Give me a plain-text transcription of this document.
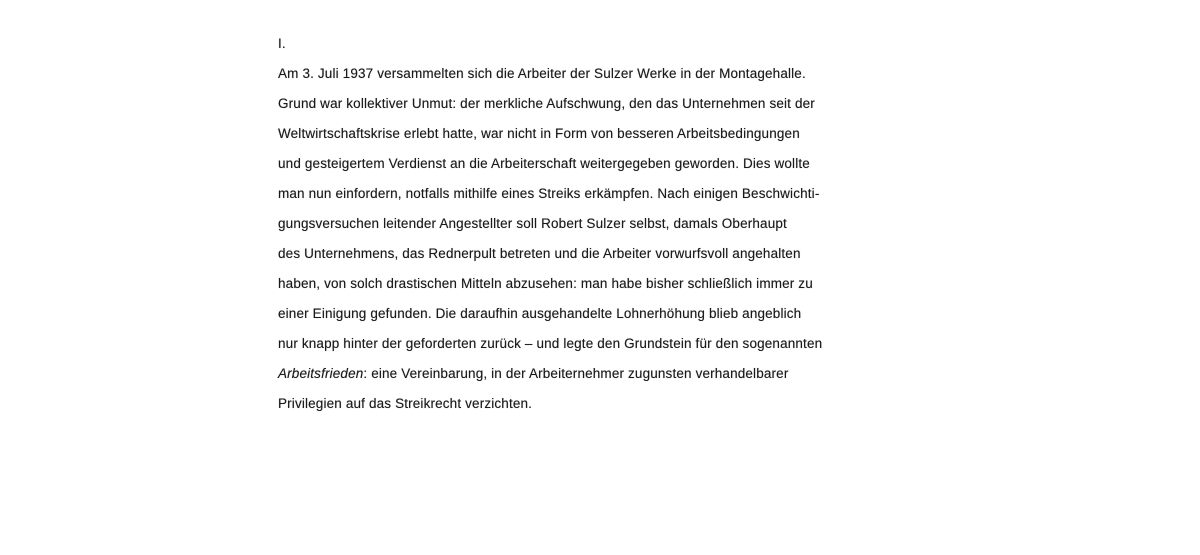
I.
Am 3. Juli 1937 versammelten sich die Arbeiter der Sulzer Werke in der Montagehalle.
Grund war kollektiver Unmut: der merkliche Aufschwung, den das Unternehmen seit der
Weltwirtschaftskrise erlebt hatte, war nicht in Form von besseren Arbeitsbedingungen
und gesteigertem Verdienst an die Arbeiterschaft weitergegeben geworden. Dies wollte
man nun einfordern, notfalls mithilfe eines Streiks erkämpfen. Nach einigen Beschwichti-
gungsversuchen leitender Angestellter soll Robert Sulzer selbst, damals Oberhaupt
des Unternehmens, das Rednerpult betreten und die Arbeiter vorwurfsvoll angehalten
haben, von solch drastischen Mitteln abzusehen: man habe bisher schließlich immer zu
einer Einigung gefunden. Die daraufhin ausgehandelte Lohnerhöhung blieb angeblich
nur knapp hinter der geforderten zurück – und legte den Grundstein für den sogenannten
Arbeitsfrieden: eine Vereinbarung, in der Arbeiternehmer zugunsten verhandelbarer
Privilegien auf das Streikrecht verzichten.
